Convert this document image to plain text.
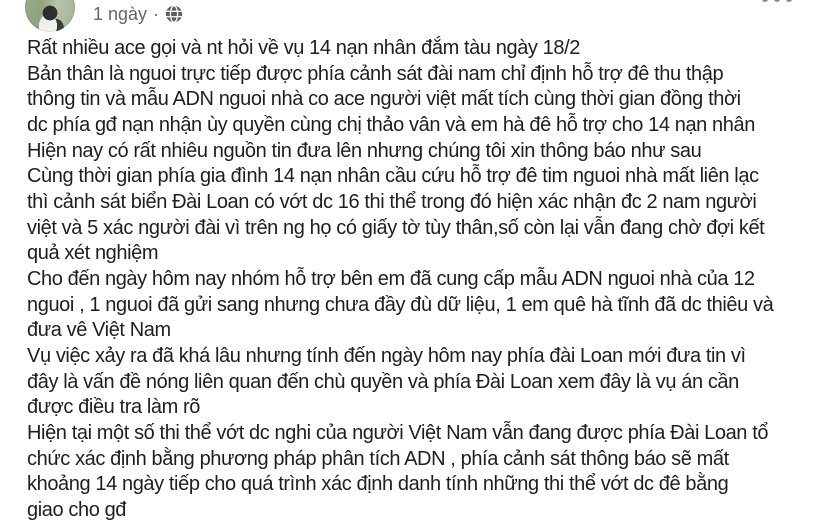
1 ngày ·
Rất nhiều ace gọi và nt hỏi về vụ 14 nạn nhân đắm tàu ngày 18/2
Bản thân là nguoi trực tiếp được phía cảnh sát đài nam chỉ định hỗ trợ đê thu thập
thông tin và mẫu ADN nguoi nhà co ace người việt mất tích cùng thời gian đồng thời
dc phía gđ nạn nhận ùy quyền cùng chị thảo vân và em hà đê hỗ trợ cho 14 nạn nhân
Hiện nay có rất nhiêu nguồn tin đưa lên nhưng chúng tôi xin thông báo như sau
Cùng thời gian phía gia đình 14 nạn nhân cầu cứu hỗ trợ đê tim nguoi nhà mất liên lạc
thì cảnh sát biển Đài Loan có vớt dc 16 thi thể trong đó hiện xác nhận đc 2 nam người
việt và 5 xác người đài vì trên ng họ có giấy tờ tùy thân,số còn lại vẫn đang chờ đợi kết
quả xét nghiệm
Cho đến ngày hôm nay nhóm hỗ trợ bên em đã cung cấp mẫu ADN nguoi nhà của 12
nguoi , 1 nguoi đã gửi sang nhưng chưa đầy đù dữ liệu, 1 em quê hà tĩnh đã dc thiêu và
đưa vê Việt Nam
Vụ việc xảy ra đã khá lâu nhưng tính đến ngày hôm nay phía đài Loan mới đưa tin vì
đây là vấn đề nóng liên quan đến chù quyền và phía Đài Loan xem đây là vụ án cần
được điều tra làm rõ
Hiện tại một số thi thể vớt dc nghi của người Việt Nam vẫn đang được phía Đài Loan tổ
chức xác định bằng phương pháp phân tích ADN , phía cảnh sát thông báo sẽ mất
khoảng 14 ngày tiếp cho quá trình xác định danh tính những thi thể vớt dc đê bằng
giao cho gđ
